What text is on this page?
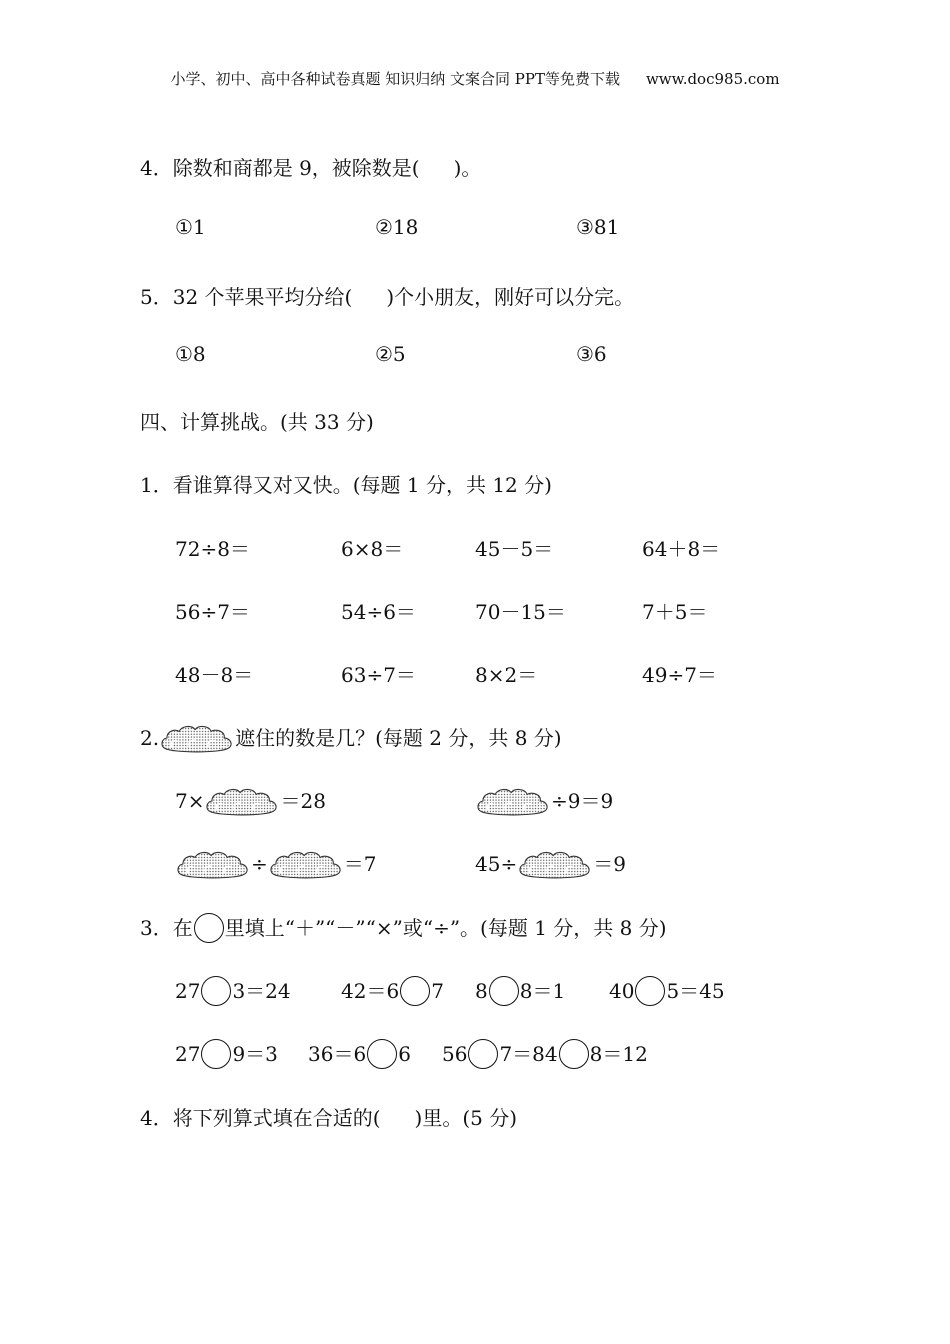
小学、初中、高中各种试卷真题 知识归纳 文案合同 PPT等免费下载 www.doc985.com
4．除数和商都是 9，被除数是( )。
①1	②18	③81
5．32 个苹果平均分给( )个小朋友，刚好可以分完。
①8	②5	③6
四、计算挑战。(共 33 分)
1．看谁算得又对又快。(每题 1 分，共 12 分)
72÷8＝	6×8＝	45－5＝	64＋8＝
56÷7＝	54÷6＝	70－15＝	7＋5＝
48－8＝	63÷7＝	8×2＝	49÷7＝
2.	遮住的数是几？(每题 2 分，共 8 分)
7×	＝28	÷9＝9
÷	＝7	45÷	＝9
3．在 里填上“＋”“－”“×”或“÷”。(每题 1 分，共 8 分)
27 3＝24	42＝6 7 8 8＝1 40 5＝45
27 9＝3 36＝6 6 56 7＝84 8＝12
4．将下列算式填在合适的( )里。(5 分)
